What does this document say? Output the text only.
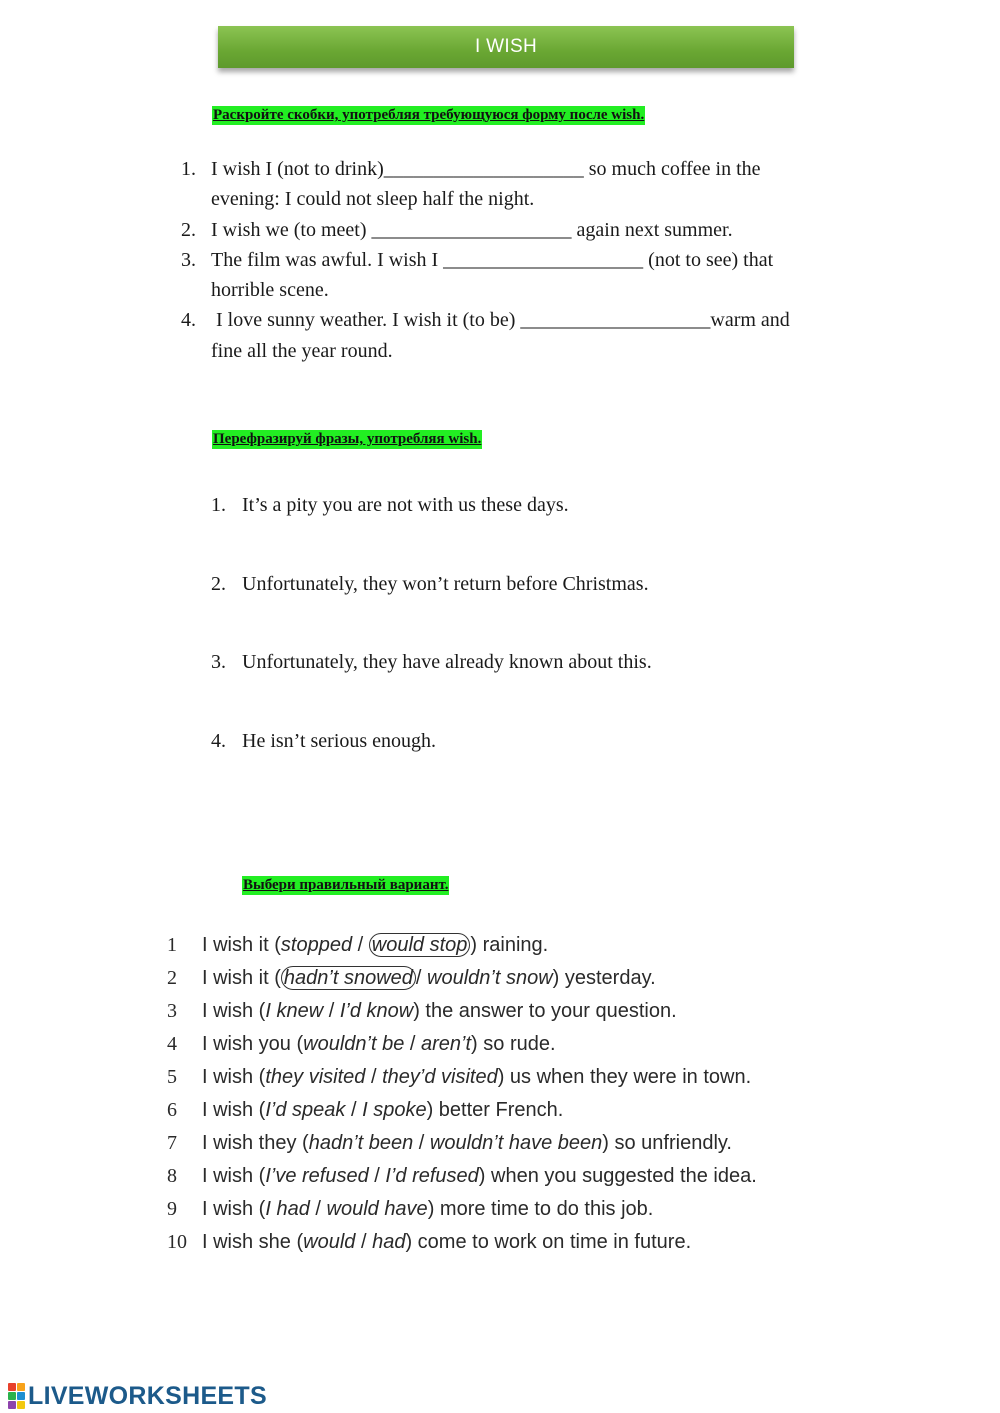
I WISH
Раскройте скобки, употребляя требующуюся форму после wish.
1. I wish I (not to drink)____________________ so much coffee in the
evening: I could not sleep half the night.
2. I wish we (to meet) ____________________ again next summer.
3. The film was awful. I wish I ____________________ (not to see) that
horrible scene.
4. I love sunny weather. I wish it (to be) ___________________warm and
fine all the year round.
Перефразируй фразы, употребляя wish.
1. It’s a pity you are not with us these days.
2. Unfortunately, they won’t return before Christmas.
3. Unfortunately, they have already known about this.
4. He isn’t serious enough.
Выбери правильный вариант.
1 I wish it (stopped / would stop ) raining.
2 I wish it ( hadn’t snowed / wouldn’t snow) yesterday.
3 I wish (I knew / I’d know) the answer to your question.
4 I wish you (wouldn’t be / aren’t) so rude.
5 I wish (they visited / they’d visited) us when they were in town.
6 I wish (I’d speak / I spoke) better French.
7 I wish they (hadn’t been / wouldn’t have been) so unfriendly.
8 I wish (I’ve refused / I’d refused) when you suggested the idea.
9 I wish (I had / would have) more time to do this job.
10 I wish she (would / had) come to work on time in future.
LIVEWORKSHEETS
